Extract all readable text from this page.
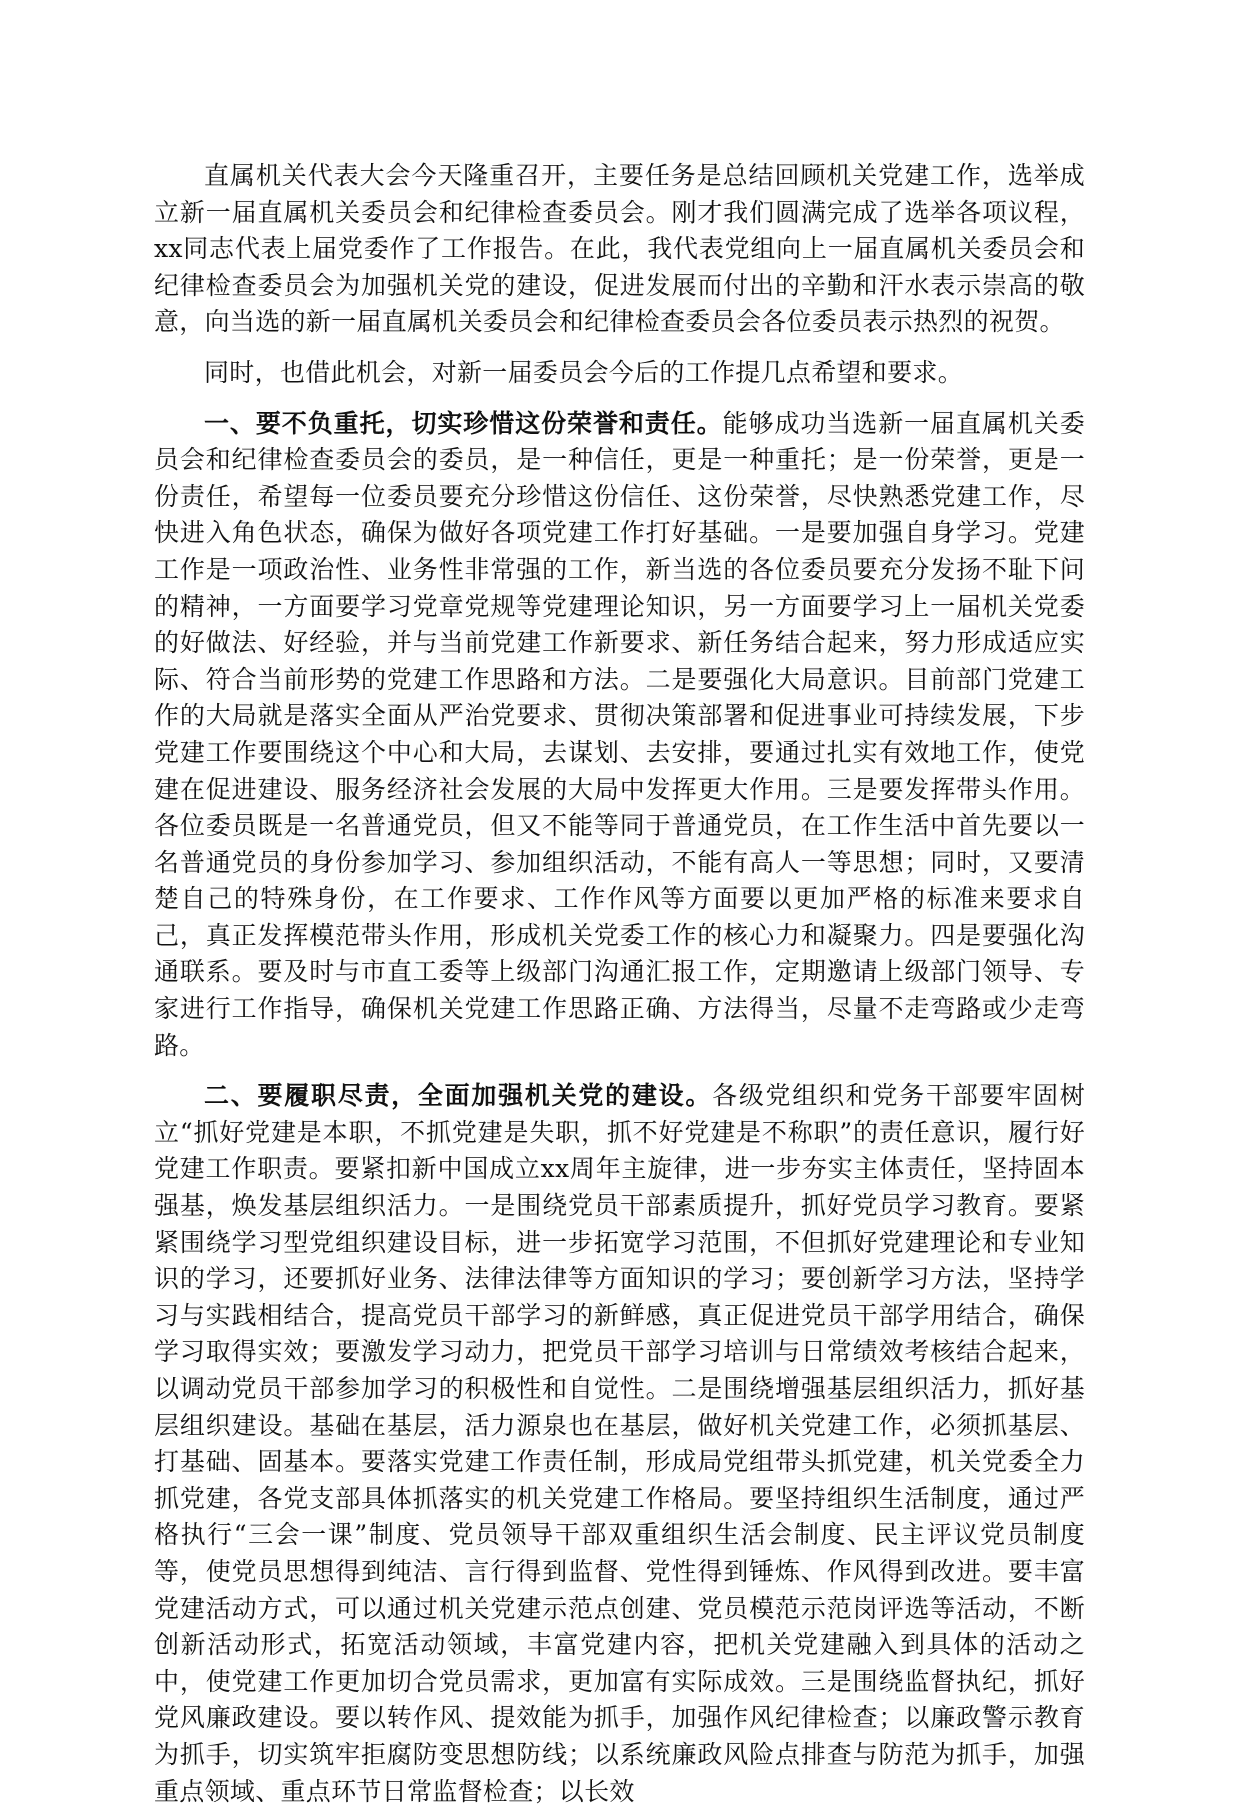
直属机关代表大会今天隆重召开，主要任务是总结回顾机关党建工作，选举成立新一届直属机关委员会和纪律检查委员会。刚才我们圆满完成了选举各项议程，xx同志代表上届党委作了工作报告。在此，我代表党组向上一届直属机关委员会和纪律检查委员会为加强机关党的建设，促进发展而付出的辛勤和汗水表示崇高的敬意，向当选的新一届直属机关委员会和纪律检查委员会各位委员表示热烈的祝贺。

同时，也借此机会，对新一届委员会今后的工作提几点希望和要求。

一、要不负重托，切实珍惜这份荣誉和责任。能够成功当选新一届直属机关委员会和纪律检查委员会的委员，是一种信任，更是一种重托；是一份荣誉，更是一份责任，希望每一位委员要充分珍惜这份信任、这份荣誉，尽快熟悉党建工作，尽快进入角色状态，确保为做好各项党建工作打好基础。一是要加强自身学习。党建工作是一项政治性、业务性非常强的工作，新当选的各位委员要充分发扬不耻下问的精神，一方面要学习党章党规等党建理论知识，另一方面要学习上一届机关党委的好做法、好经验，并与当前党建工作新要求、新任务结合起来，努力形成适应实际、符合当前形势的党建工作思路和方法。二是要强化大局意识。目前部门党建工作的大局就是落实全面从严治党要求、贯彻决策部署和促进事业可持续发展，下步党建工作要围绕这个中心和大局，去谋划、去安排，要通过扎实有效地工作，使党建在促进建设、服务经济社会发展的大局中发挥更大作用。三是要发挥带头作用。各位委员既是一名普通党员，但又不能等同于普通党员，在工作生活中首先要以一名普通党员的身份参加学习、参加组织活动，不能有高人一等思想；同时，又要清楚自己的特殊身份，在工作要求、工作作风等方面要以更加严格的标准来要求自己，真正发挥模范带头作用，形成机关党委工作的核心力和凝聚力。四是要强化沟通联系。要及时与市直工委等上级部门沟通汇报工作，定期邀请上级部门领导、专家进行工作指导，确保机关党建工作思路正确、方法得当，尽量不走弯路或少走弯路。

二、要履职尽责，全面加强机关党的建设。各级党组织和党务干部要牢固树立“抓好党建是本职，不抓党建是失职，抓不好党建是不称职”的责任意识，履行好党建工作职责。要紧扣新中国成立xx周年主旋律，进一步夯实主体责任，坚持固本强基，焕发基层组织活力。一是围绕党员干部素质提升，抓好党员学习教育。要紧紧围绕学习型党组织建设目标，进一步拓宽学习范围，不但抓好党建理论和专业知识的学习，还要抓好业务、法律法律等方面知识的学习；要创新学习方法，坚持学习与实践相结合，提高党员干部学习的新鲜感，真正促进党员干部学用结合，确保学习取得实效；要激发学习动力，把党员干部学习培训与日常绩效考核结合起来，以调动党员干部参加学习的积极性和自觉性。二是围绕增强基层组织活力，抓好基层组织建设。基础在基层，活力源泉也在基层，做好机关党建工作，必须抓基层、打基础、固基本。要落实党建工作责任制，形成局党组带头抓党建，机关党委全力抓党建，各党支部具体抓落实的机关党建工作格局。要坚持组织生活制度，通过严格执行“三会一课”制度、党员领导干部双重组织生活会制度、民主评议党员制度等，使党员思想得到纯洁、言行得到监督、党性得到锤炼、作风得到改进。要丰富党建活动方式，可以通过机关党建示范点创建、党员模范示范岗评选等活动，不断创新活动形式，拓宽活动领域，丰富党建内容，把机关党建融入到具体的活动之中，使党建工作更加切合党员需求，更加富有实际成效。三是围绕监督执纪，抓好党风廉政建设。要以转作风、提效能为抓手，加强作风纪律检查；以廉政警示教育为抓手，切实筑牢拒腐防变思想防线；以系统廉政风险点排查与防范为抓手，加强重点领域、重点环节日常监督检查；以长效
